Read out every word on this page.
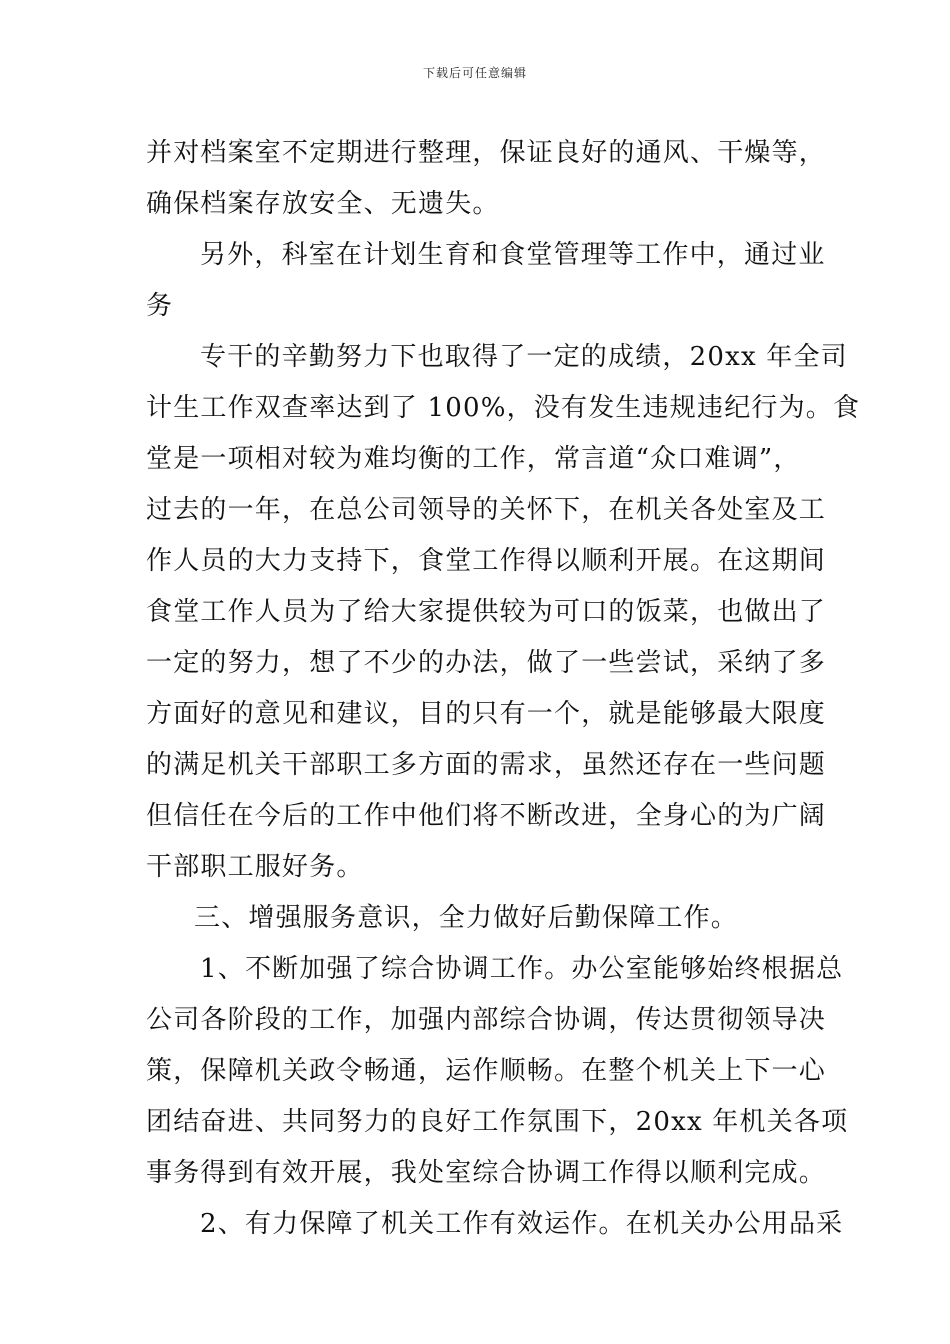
下载后可任意编辑
并对档案室不定期进行整理，保证良好的通风、干燥等，
确保档案存放安全、无遗失。
另外，科室在计划生育和食堂管理等工作中，通过业
务
专干的辛勤努力下也取得了一定的成绩，20xx 年全司
计生工作双查率达到了 100%，没有发生违规违纪行为。食
堂是一项相对较为难均衡的工作，常言道“众口难调”，
过去的一年，在总公司领导的关怀下，在机关各处室及工
作人员的大力支持下，食堂工作得以顺利开展。在这期间
食堂工作人员为了给大家提供较为可口的饭菜，也做出了
一定的努力，想了不少的办法，做了一些尝试，采纳了多
方面好的意见和建议，目的只有一个，就是能够最大限度
的满足机关干部职工多方面的需求，虽然还存在一些问题
但信任在今后的工作中他们将不断改进，全身心的为广阔
干部职工服好务。
三、增强服务意识，全力做好后勤保障工作。
1、不断加强了综合协调工作。办公室能够始终根据总
公司各阶段的工作，加强内部综合协调，传达贯彻领导决
策，保障机关政令畅通，运作顺畅。在整个机关上下一心
团结奋进、共同努力的良好工作氛围下，20xx 年机关各项
事务得到有效开展，我处室综合协调工作得以顺利完成。
2、有力保障了机关工作有效运作。在机关办公用品采
